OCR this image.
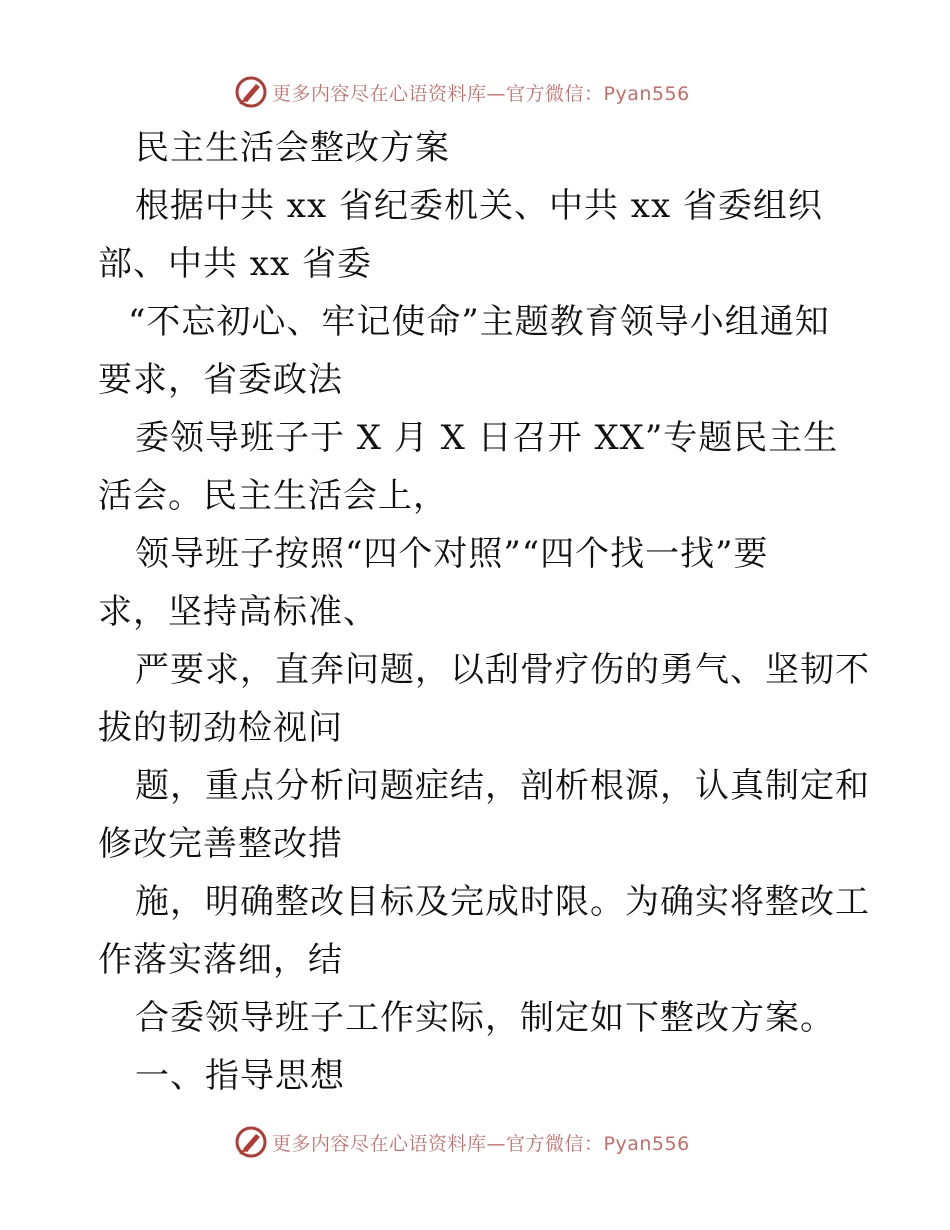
更多内容尽在心语资料库—官方微信：Pyan556
民主生活会整改方案
根据中共 xx 省纪委机关、中共 xx 省委组织
部、中共 xx 省委
“不忘初心、牢记使命”主题教育领导小组通知
要求，省委政法
委领导班子于 X 月 X 日召开 XX”专题民主生
活会。民主生活会上，
领导班子按照“四个对照”“四个找一找”要
求，坚持高标准、
严要求，直奔问题，以刮骨疗伤的勇气、坚韧不
拔的韧劲检视问
题，重点分析问题症结，剖析根源，认真制定和
修改完善整改措
施，明确整改目标及完成时限。为确实将整改工
作落实落细，结
合委领导班子工作实际，制定如下整改方案。
一、指导思想
更多内容尽在心语资料库—官方微信：Pyan556
